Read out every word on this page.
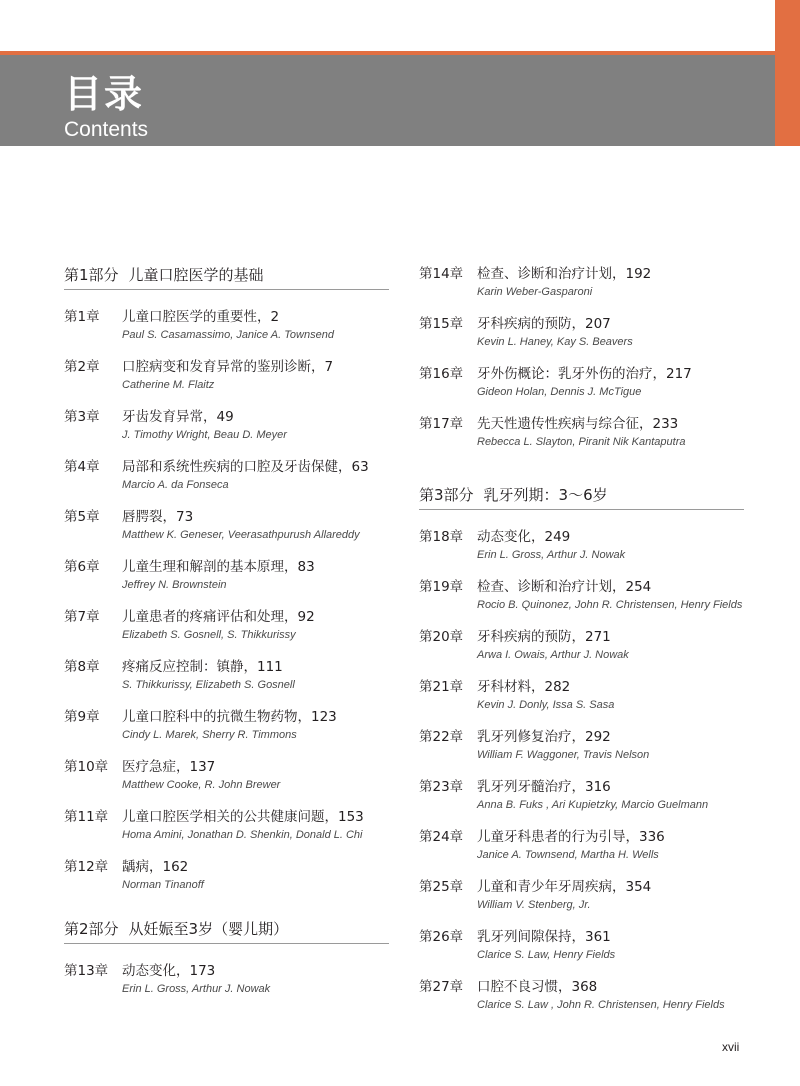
目录
Contents
第1部分 儿童口腔医学的基础
第1章 儿童口腔医学的重要性，2
Paul S. Casamassimo, Janice A. Townsend
第2章 口腔病变和发育异常的鉴别诊断，7
Catherine M. Flaitz
第3章 牙齿发育异常，49
J. Timothy Wright, Beau D. Meyer
第4章 局部和系统性疾病的口腔及牙齿保健，63
Marcio A. da Fonseca
第5章 唇腭裂，73
Matthew K. Geneser, Veerasathpurush Allareddy
第6章 儿童生理和解剖的基本原理，83
Jeffrey N. Brownstein
第7章 儿童患者的疼痛评估和处理，92
Elizabeth S. Gosnell, S. Thikkurissy
第8章 疼痛反应控制：镇静，111
S. Thikkurissy, Elizabeth S. Gosnell
第9章 儿童口腔科中的抗微生物药物，123
Cindy L. Marek, Sherry R. Timmons
第10章 医疗急症，137
Matthew Cooke, R. John Brewer
第11章 儿童口腔医学相关的公共健康问题，153
Homa Amini, Jonathan D. Shenkin, Donald L. Chi
第12章 龋病，162
Norman Tinanoff
第2部分 从妊娠至3岁（婴儿期）
第13章 动态变化，173
Erin L. Gross, Arthur J. Nowak
第14章 检查、诊断和治疗计划，192
Karin Weber-Gasparoni
第15章 牙科疾病的预防，207
Kevin L. Haney, Kay S. Beavers
第16章 牙外伤概论：乳牙外伤的治疗，217
Gideon Holan, Dennis J. McTigue
第17章 先天性遗传性疾病与综合征，233
Rebecca L. Slayton, Piranit Nik Kantaputra
第3部分 乳牙列期：3～6岁
第18章 动态变化，249
Erin L. Gross, Arthur J. Nowak
第19章 检查、诊断和治疗计划，254
Rocio B. Quinonez, John R. Christensen, Henry Fields
第20章 牙科疾病的预防，271
Arwa I. Owais, Arthur J. Nowak
第21章 牙科材料，282
Kevin J. Donly, Issa S. Sasa
第22章 乳牙列修复治疗，292
William F. Waggoner, Travis Nelson
第23章 乳牙列牙髓治疗，316
Anna B. Fuks , Ari Kupietzky, Marcio Guelmann
第24章 儿童牙科患者的行为引导，336
Janice A. Townsend, Martha H. Wells
第25章 儿童和青少年牙周疾病，354
William V. Stenberg, Jr.
第26章 乳牙列间隙保持，361
Clarice S. Law, Henry Fields
第27章 口腔不良习惯，368
Clarice S. Law , John R. Christensen, Henry Fields
xvii
